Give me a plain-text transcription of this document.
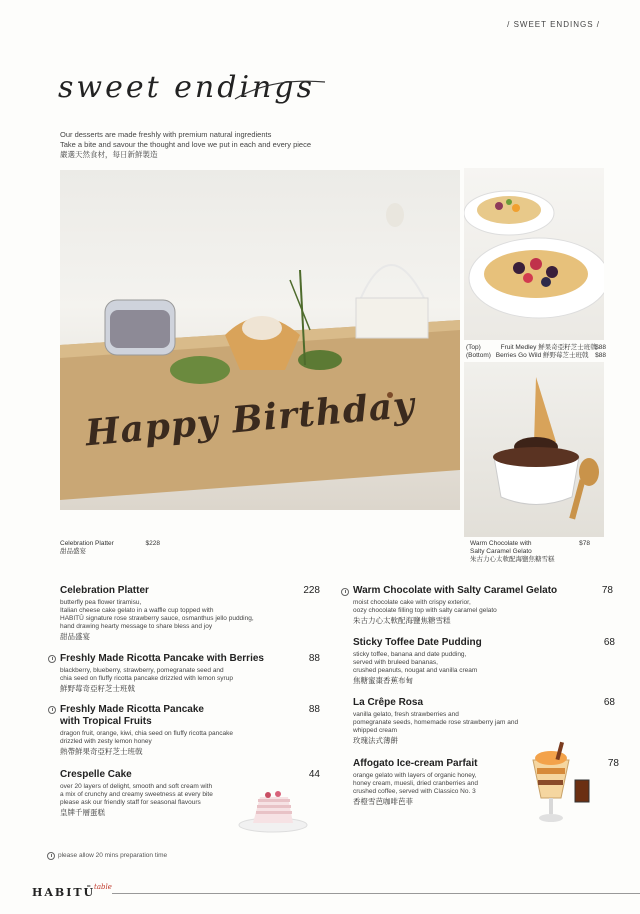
/ SWEET ENDINGS /
sweet endings
Our desserts are made freshly with premium natural ingredients
Take a bite and savour the thought and love we put in each and every piece
嚴選天然食材，每日新鮮製造
Happy Birthday
Celebration Platter
甜品盛宴
$228
(Top)	Fruit Medley 鮮果奇亞籽芝士班戟
$88
(Bottom) Berries Go Wild 鮮野莓芝士班戟 $88
Warm Chocolate with
Salty Caramel Gelato
朱古力心太軟配海鹽焦糖雪糕
$78
Celebration Platter
butterfly pea flower tiramisu,
Italian cheese cake gelato in a waffle cup topped with
HABITŪ signature rose strawberry sauce, osmanthus jello pudding,
hand drawing hearty message to share bless and joy
甜品盛宴
228
Freshly Made Ricotta Pancake with Berries
blackberry, blueberry, strawberry, pomegranate seed and
chia seed on fluffy ricotta pancake drizzled with lemon syrup
鮮野莓奇亞籽芝士班戟
88
Freshly Made Ricotta Pancake
with Tropical Fruits
dragon fruit, orange, kiwi, chia seed on fluffy ricotta pancake
drizzled with zesty lemon honey
熱帶鮮果奇亞籽芝士班戟
88
Crespelle Cake
over 20 layers of delight, smooth and soft cream with
a mix of crunchy and creamy sweetness at every bite
please ask our friendly staff for seasonal flavours
皇牌千層蛋糕
44
Warm Chocolate with Salty Caramel Gelato
moist chocolate cake with crispy exterior,
oozy chocolate filling top with salty caramel gelato
朱古力心太軟配海鹽焦糖雪糕
78
Sticky Toffee Date Pudding
sticky toffee, banana and date pudding,
served with bruleed bananas,
crushed peanuts, nougat and vanilla cream
焦糖蜜棗香蕉布甸
68
La Crêpe Rosa
vanilla gelato, fresh strawberries and
pomegranate seeds, homemade rose strawberry jam and
whipped cream
玫瑰法式薄餅
68
Affogato Ice-cream Parfait
orange gelato with layers of organic honey,
honey cream, muesli, dried cranberries and
crushed coffee, served with Classico No. 3
香橙雪芭咖啡芭菲
78
please allow 20 mins preparation time
HABITŪ
table
